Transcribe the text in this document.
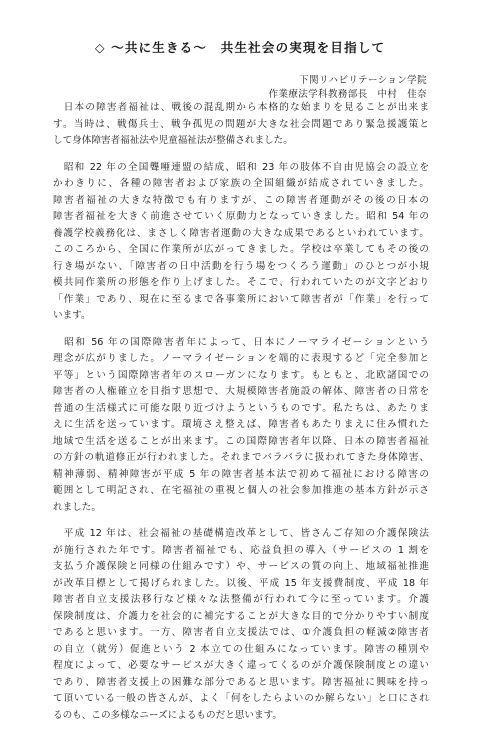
◇ ～共に生きる～　共生社会の実現を目指して
下関リハビリテーション学院
作業療法学科教務部長　中村　佳奈
　日本の障害者福祉は、戦後の混乱期から本格的な始まりを見ることが出来ま
す。当時は、戦傷兵士、戦争孤児の問題が大きな社会問題であり緊急援護策と
して身体障害者福祉法や児童福祉法が整備されました。
　昭和 22 年の全国聾唖連盟の結成、昭和 23 年の肢体不自由児協会の設立を
かわきりに、各種の障害者および家族の全国組織が結成されていきました。
障害者福祉の大きな特徴でも有りますが、この障害者運動がその後の日本の
障害者福祉を大きく前進させていく原動力となっていきました。昭和 54 年の
養護学校義務化は、まさしく障害者運動の大きな成果であるといわれています。
このころから、全国に作業所が広がってきました。学校は卒業してもその後の
行き場がない、「障害者の日中活動を行う場をつくろう運動」のひとつが小規
模共同作業所の形態を作り上げました。そこで、行われていたのが文字どおり
「作業」であり、現在に至るまで各事業所において障害者が「作業」を行って
います。
　昭和 56 年の国際障害者年によって、日本にノーマライゼーションという
理念が広がりました。ノーマライゼーションを端的に表現するど「完全参加と
平等」という国際障害者年のスローガンになります。もともと、北欧諸国での
障害者の人権確立を目指す思想で、大規模障害者施設の解体、障害者の日常を
普通の生活様式に可能な限り近づけようというものです。私たちは、あたりま
えに生活を送っています。環境さえ整えば、障害者もあたりまえに住み慣れた
地域で生活を送ることが出来ます。この国際障害者年以降、日本の障害者福祉
の方針の軌道修正が行われました。それまでバラバラに扱われてきた身体障害、
精神薄弱、精神障害が平成 5 年の障害者基本法で初めて福祉における障害の
範囲として明記され、在宅福祉の重視と個人の社会参加推進の基本方針が示さ
れました。
　平成 12 年は、社会福祉の基礎構造改革として、皆さんご存知の介護保険法
が施行された年です。障害者福祉でも、応益負担の導入（サービスの 1 割を
支払う介護保険と同様の仕組みです）や、サービスの質の向上、地域福祉推進
が改革目標として掲げられました。以後、平成 15 年支援費制度、平成 18 年
障害者自立支援法移行など様々な法整備が行われて今に至っています。介護
保険制度は、介護力を社会的に補完することが大きな目的で分かりやすい制度
であると思います。一方、障害者自立支援法では、①介護負担の軽減②障害者
の自立（就労）促進という 2 本立ての仕組みになっています。障害の種別や
程度によって、必要なサービスが大きく違ってくるのが介護保険制度との違い
であり、障害者支援上の困難な部分であると思います。障害福祉に興味を持っ
て頂いている一般の皆さんが、よく「何をしたらよいのか解らない」と口にされ
るのも、この多様なニーズによるものだと思います。
